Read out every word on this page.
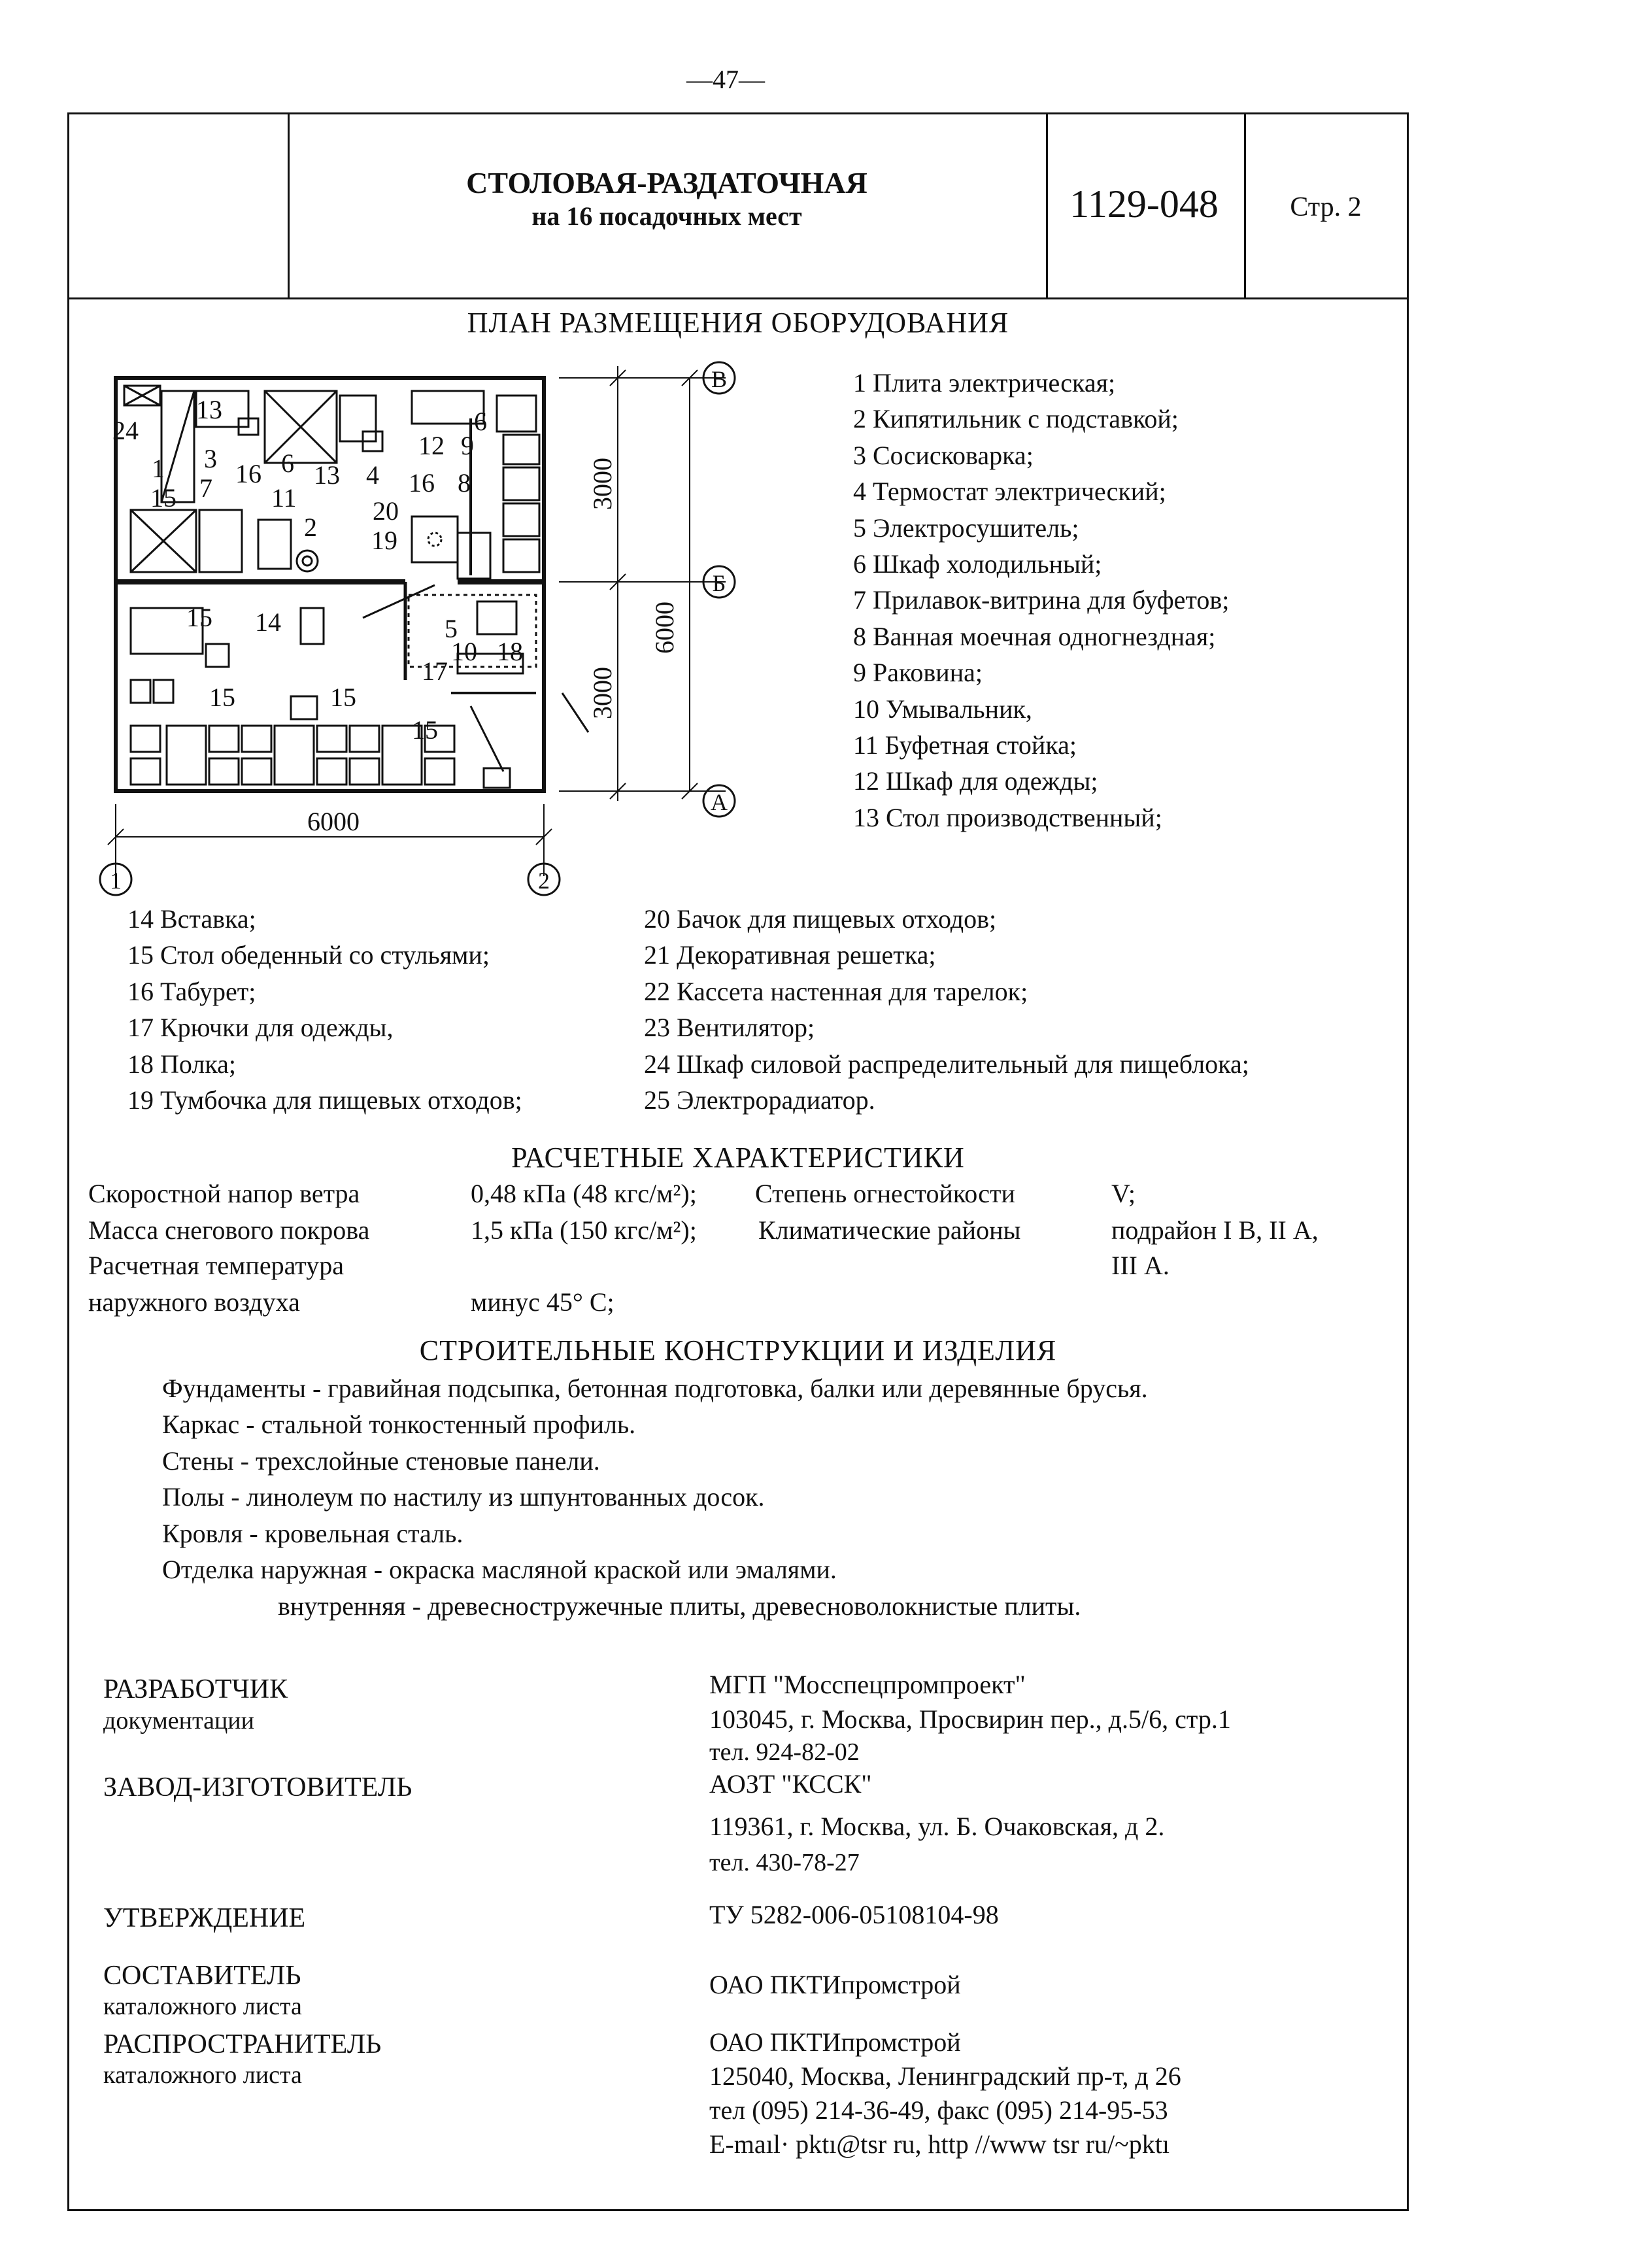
—47—
СТОЛОВАЯ-РАЗДАТОЧНАЯ
на 16 посадочных мест	1129-048	Стр. 2
ПЛАН РАЗМЕЩЕНИЯ ОБОРУДОВАНИЯ
6000
6000
3000
3000
В
Б
А
1	2
24
1
13
3
16 6 13 4
12 9
8
6
16
7
15	11
2
20
19
15 14	5
10 18
17
15	15
15
1 Плита электрическая;
2 Кипятильник с подставкой;
3 Сосисковарка;
4 Термостат электрический;
5 Электросушитель;
6 Шкаф холодильный;
7 Прилавок-витрина для буфетов;
8 Ванная моечная одногнездная;
9 Раковина;
10 Умывальник,
11 Буфетная стойка;
12 Шкаф для одежды;
13 Стол производственный;
14 Вставка;
15 Стол обеденный со стульями;
16 Табурет;
17 Крючки для одежды,
18 Полка;
19 Тумбочка для пищевых отходов;
20 Бачок для пищевых отходов;
21 Декоративная решетка;
22 Кассета настенная для тарелок;
23 Вентилятор;
24 Шкаф силовой распределительный для пищеблока;
25 Электрорадиатор.
РАСЧЕТНЫЕ ХАРАКТЕРИСТИКИ
Скоростной напор ветра	0,48 кПа (48 кгс/м²); Степень огнестойкости	V;
Масса снегового покрова	1,5 кПа (150 кгс/м²); Климатические районы	подрайон I В, II А,
III А.
Расчетная температура
наружного воздуха	минус 45° С;
СТРОИТЕЛЬНЫЕ КОНСТРУКЦИИ И ИЗДЕЛИЯ
Фундаменты - гравийная подсыпка, бетонная подготовка, балки или деревянные брусья.
Каркас - стальной тонкостенный профиль.
Стены - трехслойные стеновые панели.
Полы - линолеум по настилу из шпунтованных досок.
Кровля - кровельная сталь.
Отделка наружная - окраска масляной краской или эмалями.
внутренняя - древесностружечные плиты, древесноволокнистые плиты.
РАЗРАБОТЧИК
документации
МГП "Мосспецпромпроект"
103045, г. Москва, Просвирин пер., д.5/6, стр.1
тел. 924-82-02
ЗАВОД-ИЗГОТОВИТЕЛЬ	АОЗТ "КССК"
119361, г. Москва, ул. Б. Очаковская, д 2.
тел. 430-78-27
УТВЕРЖДЕНИЕ	ТУ 5282-006-05108104-98
СОСТАВИТЕЛЬ
каталожного листа
ОАО ПКТИпромстрой
РАСПРОСТРАНИТЕЛЬ
каталожного листа
ОАО ПКТИпромстрой
125040, Москва, Ленинградский пр-т, д 26
тел (095) 214-36-49, факс (095) 214-95-53
E-maıl· pktı@tsr ru, http //www tsr ru/~pktı
